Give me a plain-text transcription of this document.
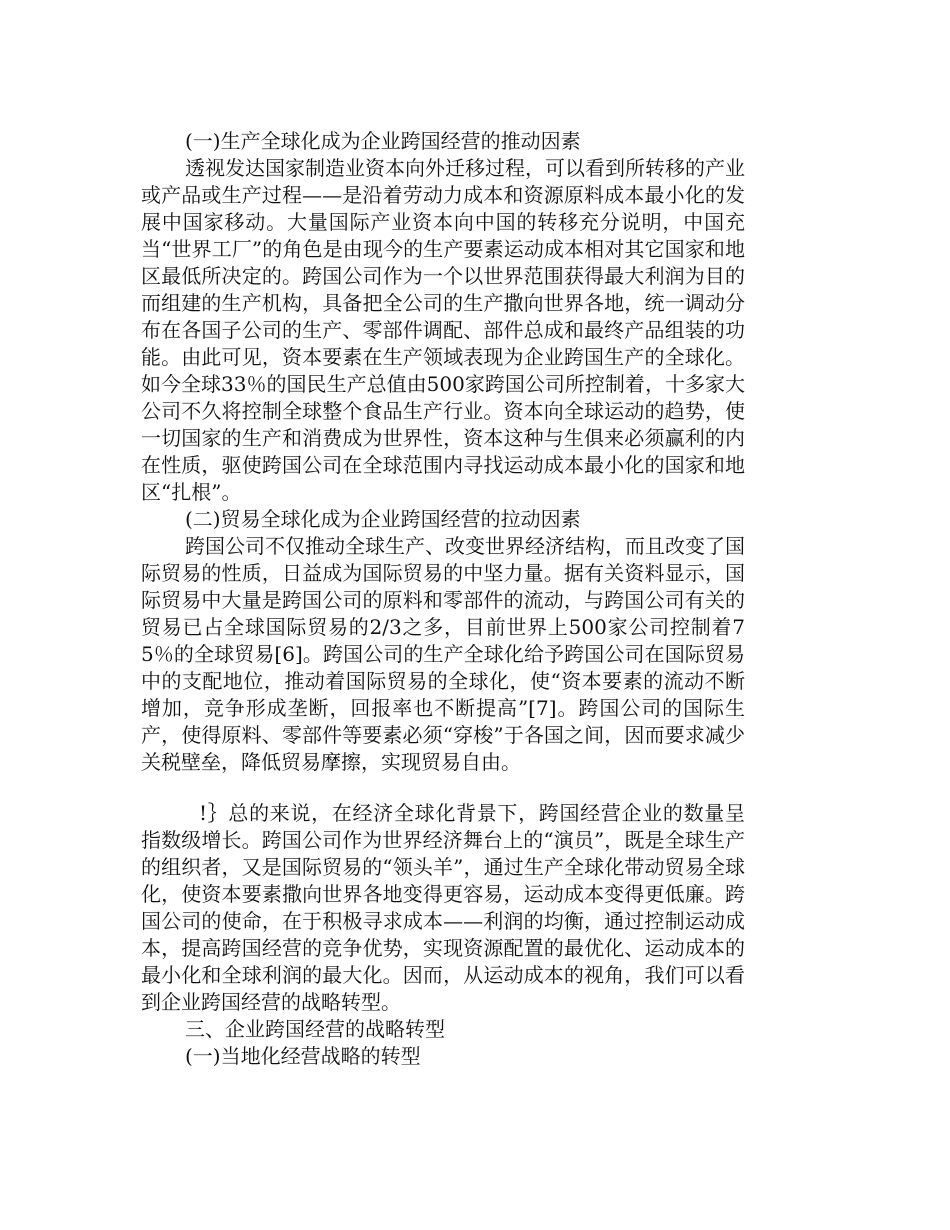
(一)生产全球化成为企业跨国经营的推动因素

透视发达国家制造业资本向外迁移过程，可以看到所转移的产业或产品或生产过程——是沿着劳动力成本和资源原料成本最小化的发展中国家移动。大量国际产业资本向中国的转移充分说明，中国充当“世界工厂”的角色是由现今的生产要素运动成本相对其它国家和地区最低所决定的。跨国公司作为一个以世界范围获得最大利润为目的而组建的生产机构，具备把全公司的生产撒向世界各地，统一调动分布在各国子公司的生产、零部件调配、部件总成和最终产品组装的功能。由此可见，资本要素在生产领域表现为企业跨国生产的全球化。如今全球33％的国民生产总值由500家跨国公司所控制着，十多家大公司不久将控制全球整个食品生产行业。资本向全球运动的趋势，使一切国家的生产和消费成为世界性，资本这种与生俱来必须赢利的内在性质，驱使跨国公司在全球范围内寻找运动成本最小化的国家和地区“扎根”。

(二)贸易全球化成为企业跨国经营的拉动因素

跨国公司不仅推动全球生产、改变世界经济结构，而且改变了国际贸易的性质，日益成为国际贸易的中坚力量。据有关资料显示，国际贸易中大量是跨国公司的原料和零部件的流动，与跨国公司有关的贸易已占全球国际贸易的2/3之多，目前世界上500家公司控制着75％的全球贸易[6]。跨国公司的生产全球化给予跨国公司在国际贸易中的支配地位，推动着国际贸易的全球化，使“资本要素的流动不断增加，竞争形成垄断，回报率也不断提高”[7]。跨国公司的国际生产，使得原料、零部件等要素必须“穿梭”于各国之间，因而要求减少关税壁垒，降低贸易摩擦，实现贸易自由。

!｝总的来说，在经济全球化背景下，跨国经营企业的数量呈指数级增长。跨国公司作为世界经济舞台上的“演员”，既是全球生产的组织者，又是国际贸易的“领头羊”，通过生产全球化带动贸易全球化，使资本要素撒向世界各地变得更容易，运动成本变得更低廉。跨国公司的使命，在于积极寻求成本——利润的均衡，通过控制运动成本，提高跨国经营的竞争优势，实现资源配置的最优化、运动成本的最小化和全球利润的最大化。因而，从运动成本的视角，我们可以看到企业跨国经营的战略转型。

三、企业跨国经营的战略转型

(一)当地化经营战略的转型
